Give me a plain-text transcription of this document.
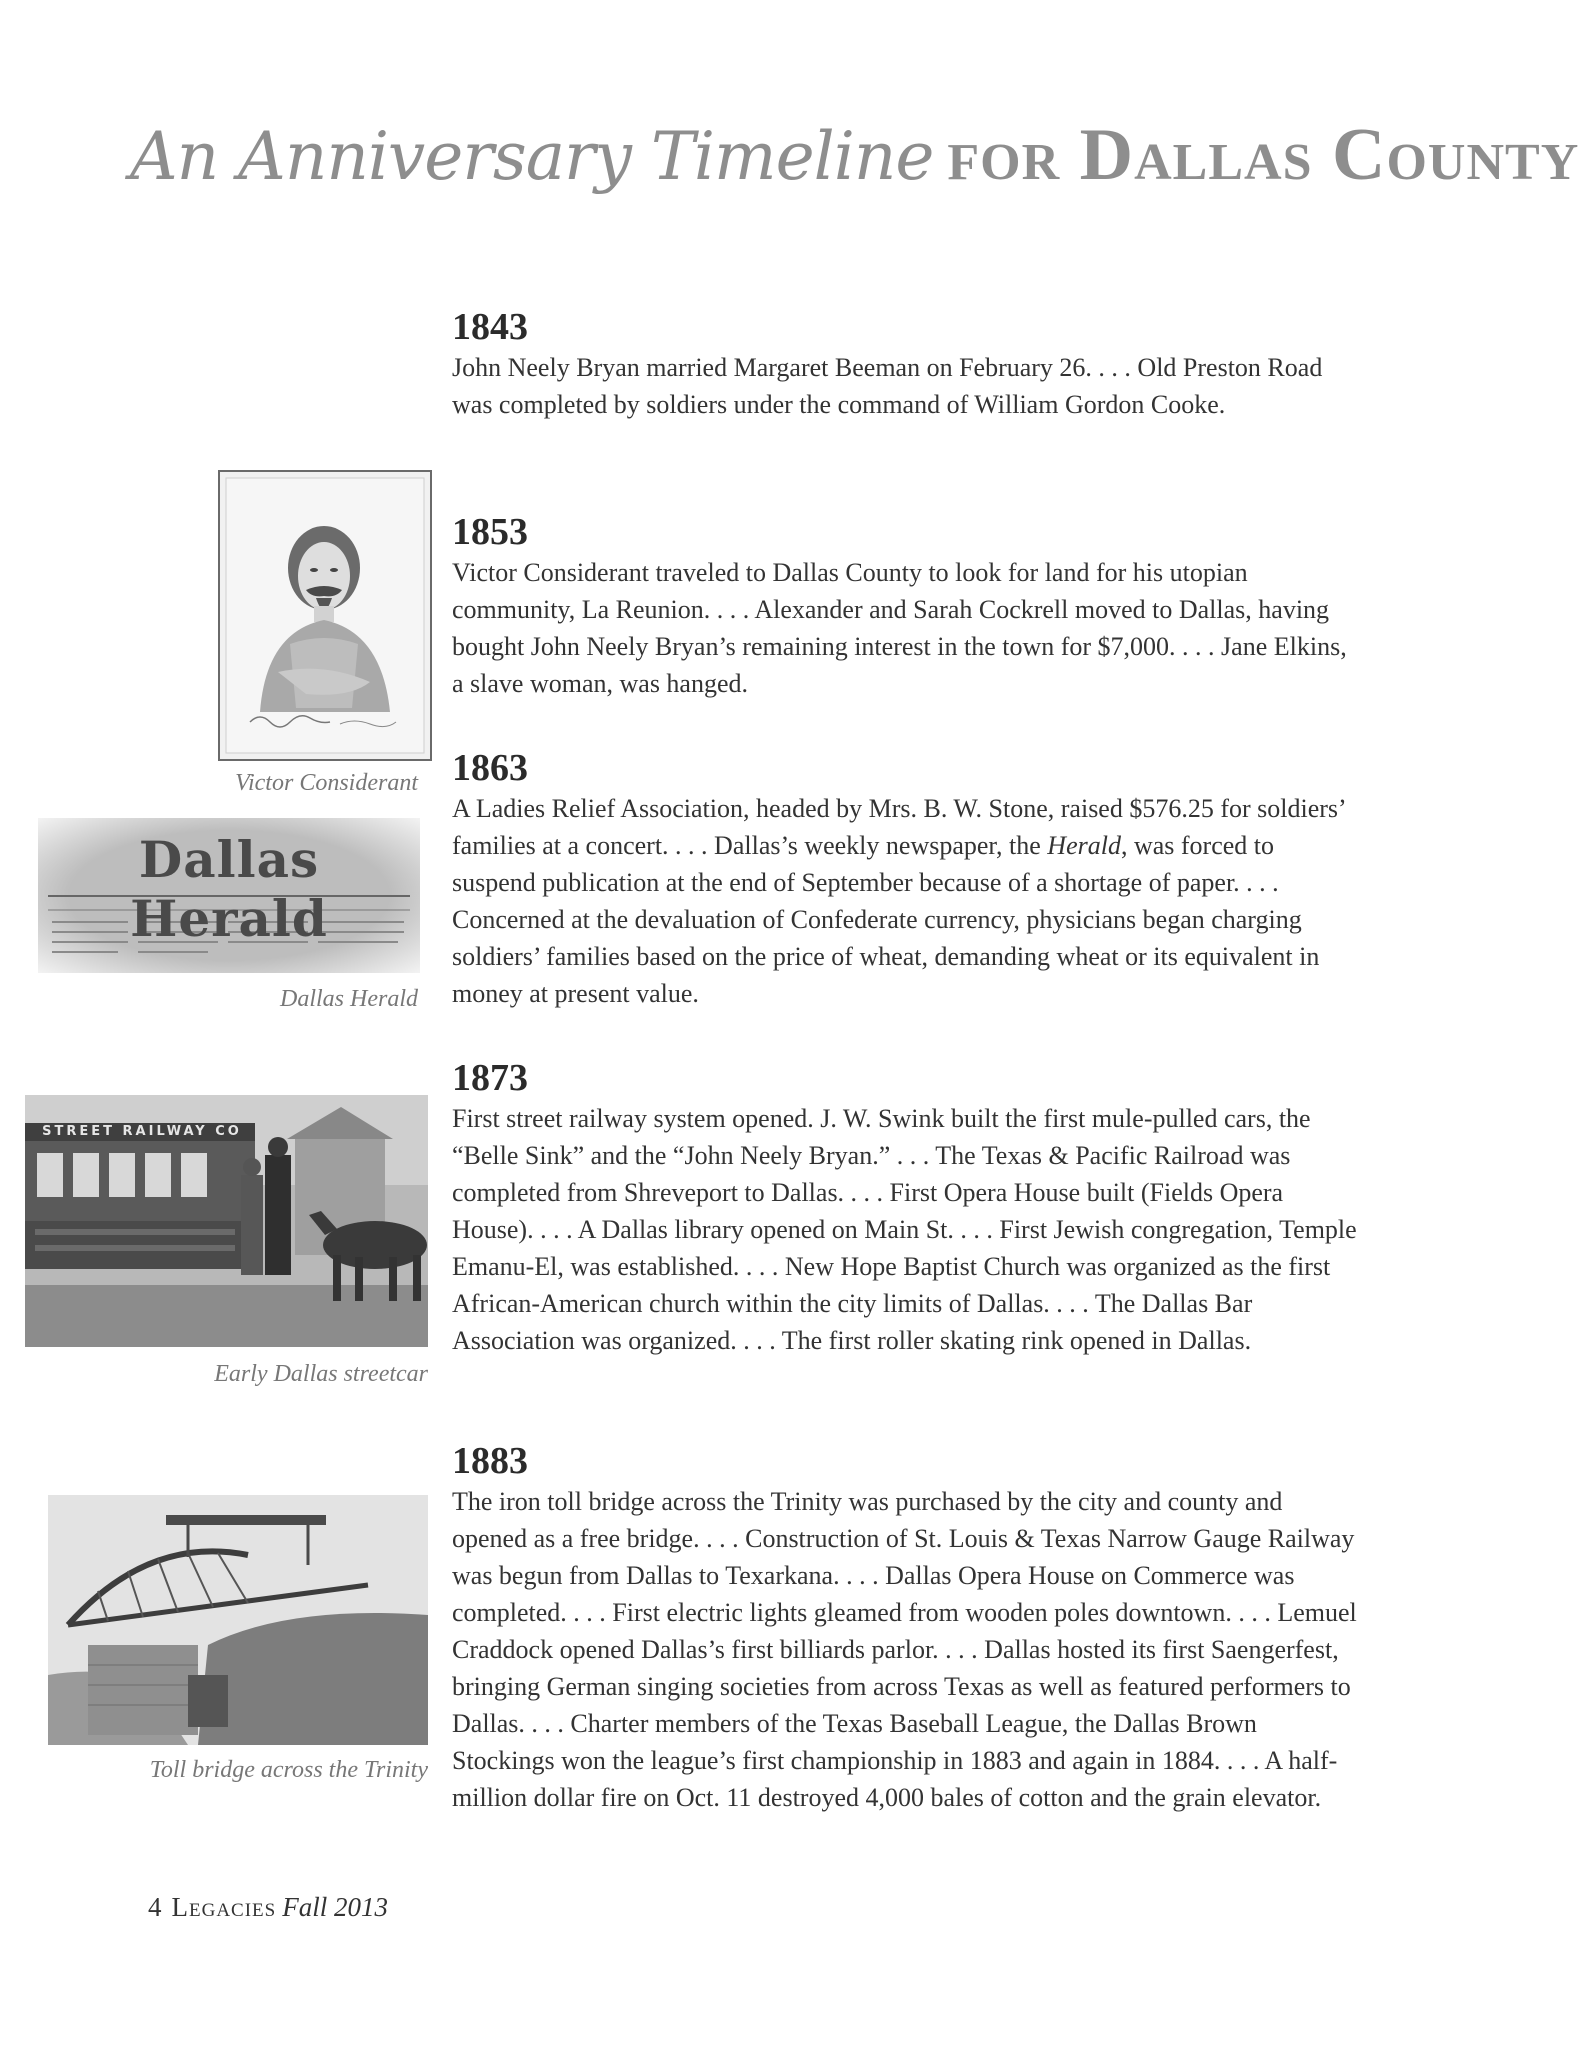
An Anniversary Timeline for Dallas County
1843

John Neely Bryan married Margaret Beeman on February 26. . . . Old Preston Road was completed by soldiers under the command of William Gordon Cooke.

1853

Victor Considerant traveled to Dallas County to look for land for his utopian community, La Reunion. . . . Alexander and Sarah Cockrell moved to Dallas, having bought John Neely Bryan’s remaining interest in the town for $7,000. . . . Jane Elkins, a slave woman, was hanged.

1863

A Ladies Relief Association, headed by Mrs. B. W. Stone, raised $576.25 for soldiers’ families at a concert. . . . Dallas’s weekly newspaper, the Herald, was forced to suspend publication at the end of September because of a shortage of paper. . . . Concerned at the devaluation of Confederate currency, physicians began charging soldiers’ families based on the price of wheat, demanding wheat or its equivalent in money at present value.

1873

First street railway system opened. J. W. Swink built the first mule-pulled cars, the “Belle Sink” and the “John Neely Bryan.” . . . The Texas & Pacific Railroad was completed from Shreveport to Dallas. . . . First Opera House built (Fields Opera House). . . . A Dallas library opened on Main St. . . . First Jewish congregation, Temple Emanu-El, was established. . . . New Hope Baptist Church was organized as the first African-American church within the city limits of Dallas. . . . The Dallas Bar Association was organized. . . . The first roller skating rink opened in Dallas.

1883

The iron toll bridge across the Trinity was purchased by the city and county and opened as a free bridge. . . . Construction of St. Louis & Texas Narrow Gauge Railway was begun from Dallas to Texarkana. . . . Dallas Opera House on Commerce was completed. . . . First electric lights gleamed from wooden poles downtown. . . . Lemuel Craddock opened Dallas’s first billiards parlor. . . . Dallas hosted its first Saengerfest, bringing German singing societies from across Texas as well as featured performers to Dallas. . . . Charter members of the Texas Baseball League, the Dallas Brown Stockings won the league’s first championship in 1883 and again in 1884. . . . A half-million dollar fire on Oct. 11 destroyed 4,000 bales of cotton and the grain elevator.

Victor Considerant
Dallas Herald
Dallas Herald
STREET RAILWAY CO
Early Dallas streetcar
Toll bridge across the Trinity
4 Legacies Fall 2013
